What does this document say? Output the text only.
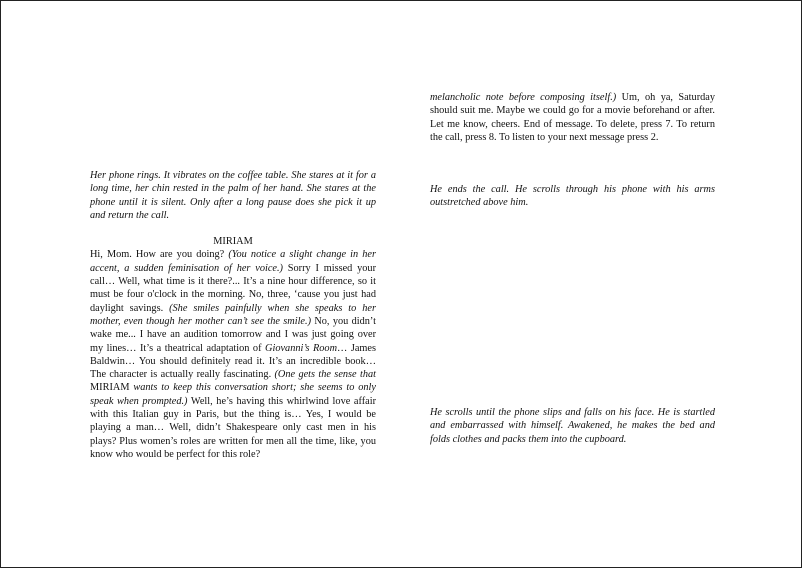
Her phone rings. It vibrates on the coffee table. She stares at it for a long time, her chin rested in the palm of her hand. She stares at the phone until it is silent. Only after a long pause does she pick it up and return the call.

MIRIAM

Hi, Mom. How are you doing? (You notice a slight change in her accent, a sudden feminisation of her voice.) Sorry I missed your call… Well, what time is it there?... It’s a nine hour difference, so it must be four o'clock in the morning. No, three, ‘cause you just had daylight savings. (She smiles painfully when she speaks to her mother, even though her mother can’t see the smile.) No, you didn’t wake me... I have an audition tomorrow and I was just going over my lines… It’s a theatrical adaptation of Giovanni’s Room… James Baldwin… You should definitely read it. It’s an incredible book… The character is actually really fascinating. (One gets the sense that MIRIAM wants to keep this conversation short; she seems to only speak when prompted.) Well, he’s having this whirlwind love affair with this Italian guy in Paris, but the thing is… Yes, I would be playing a man… Well, didn’t Shakespeare only cast men in his plays? Plus women’s roles are written for men all the time, like, you know who would be perfect for this role?

melancholic note before composing itself.) Um, oh ya, Saturday should suit me. Maybe we could go for a movie beforehand or after. Let me know, cheers. End of message. To delete, press 7. To return the call, press 8. To listen to your next message press 2.

He ends the call. He scrolls through his phone with his arms outstretched above him.
He scrolls until the phone slips and falls on his face. He is startled and embarrassed with himself. Awakened, he makes the bed and folds clothes and packs them into the cupboard.
